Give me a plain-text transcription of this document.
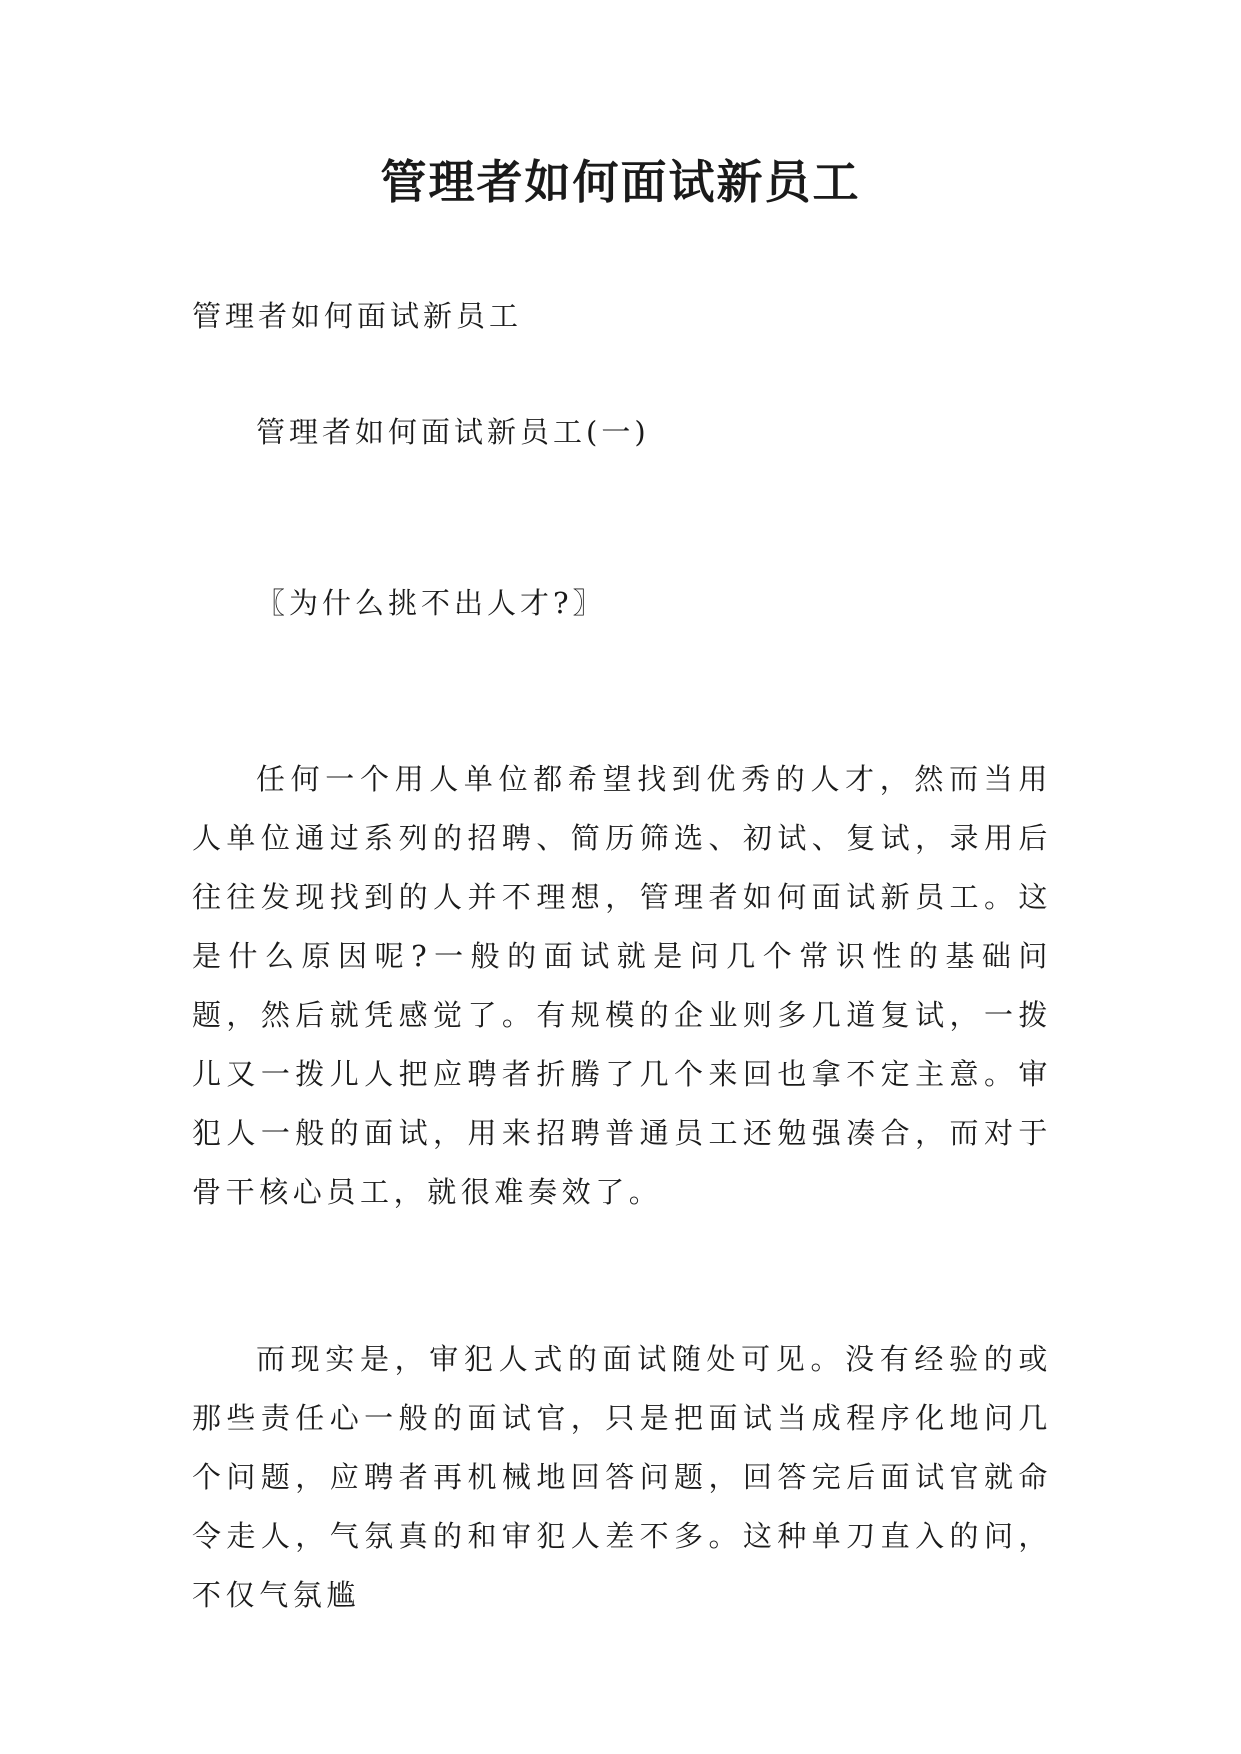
管理者如何面试新员工

管理者如何面试新员工

管理者如何面试新员工(一)

〖为什么挑不出人才?〗

任何一个用人单位都希望找到优秀的人才，然而当用人单位通过系列的招聘、简历筛选、初试、复试，录用后往往发现找到的人并不理想，管理者如何面试新员工。这是什么原因呢?一般的面试就是问几个常识性的基础问题，然后就凭感觉了。有规模的企业则多几道复试，一拨儿又一拨儿人把应聘者折腾了几个来回也拿不定主意。审犯人一般的面试，用来招聘普通员工还勉强凑合，而对于骨干核心员工，就很难奏效了。

而现实是，审犯人式的面试随处可见。没有经验的或那些责任心一般的面试官，只是把面试当成程序化地问几个问题，应聘者再机械地回答问题，回答完后面试官就命令走人，气氛真的和审犯人差不多。这种单刀直入的问，不仅气氛尴
